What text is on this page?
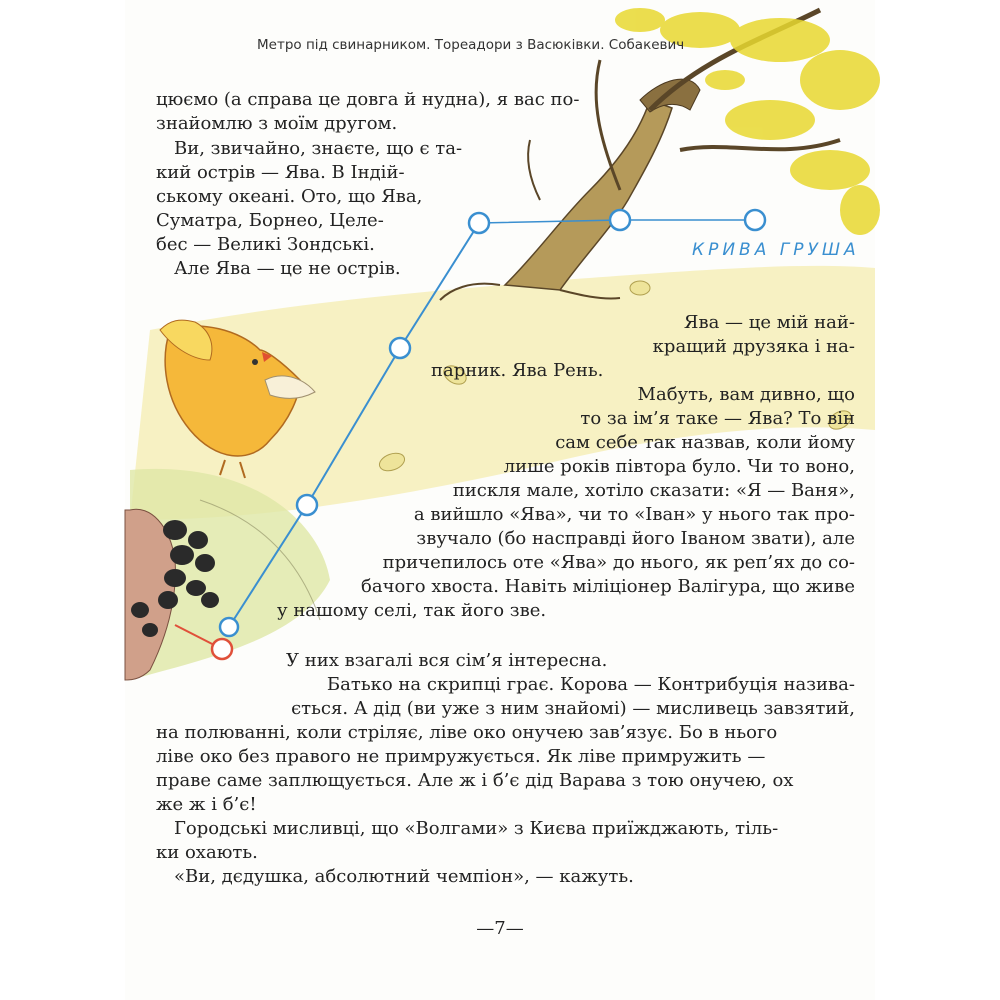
Метро під свинарником. Тореадори з Васюківки. Собакевич
КРИВА ГРУША
цюємо (а справа це довга й нудна), я вас по-
знайомлю з моїм другом.
Ви, звичайно, знаєте, що є та-
кий острів — Ява. В Індій-
ському океані. Ото, що Ява,
Суматра, Борнео, Целе-
бес — Великі Зондські.
Але Ява — це не острів.
Ява — це мій най-
кращий друзяка і на-
парник. Ява Рень.
Мабуть, вам дивно, що
то за ім’я таке — Ява? То він
сам себе так назвав, коли йому
лише років півтора було. Чи то воно,
пискля мале, хотіло сказати: «Я — Ваня»,
а вийшло «Ява», чи то «Іван» у нього так про-
звучало (бо насправді його Іваном звати), але
причепилось оте «Ява» до нього, як реп’ях до со-
бачого хвоста. Навіть міліціонер Валігура, що живе
у нашому селі, так його зве.
У них взагалі вся сім’я інтересна.
Батько на скрипці грає. Корова — Контрибуція назива-
ється. А дід (ви уже з ним знайомі) — мисливець завзятий,
на полюванні, коли стріляє, ліве око онучею зав’язує. Бо в нього
ліве око без правого не примружується. Як ліве примружить —
праве саме заплющується. Але ж і б’є дід Варава з тою онучею, ох
же ж і б’є!
Городські мисливці, що «Волгами» з Києва приїжджають, тіль-
ки охають.
«Ви, дєдушка, абсолютний чемпіон», — кажуть.
—7—
